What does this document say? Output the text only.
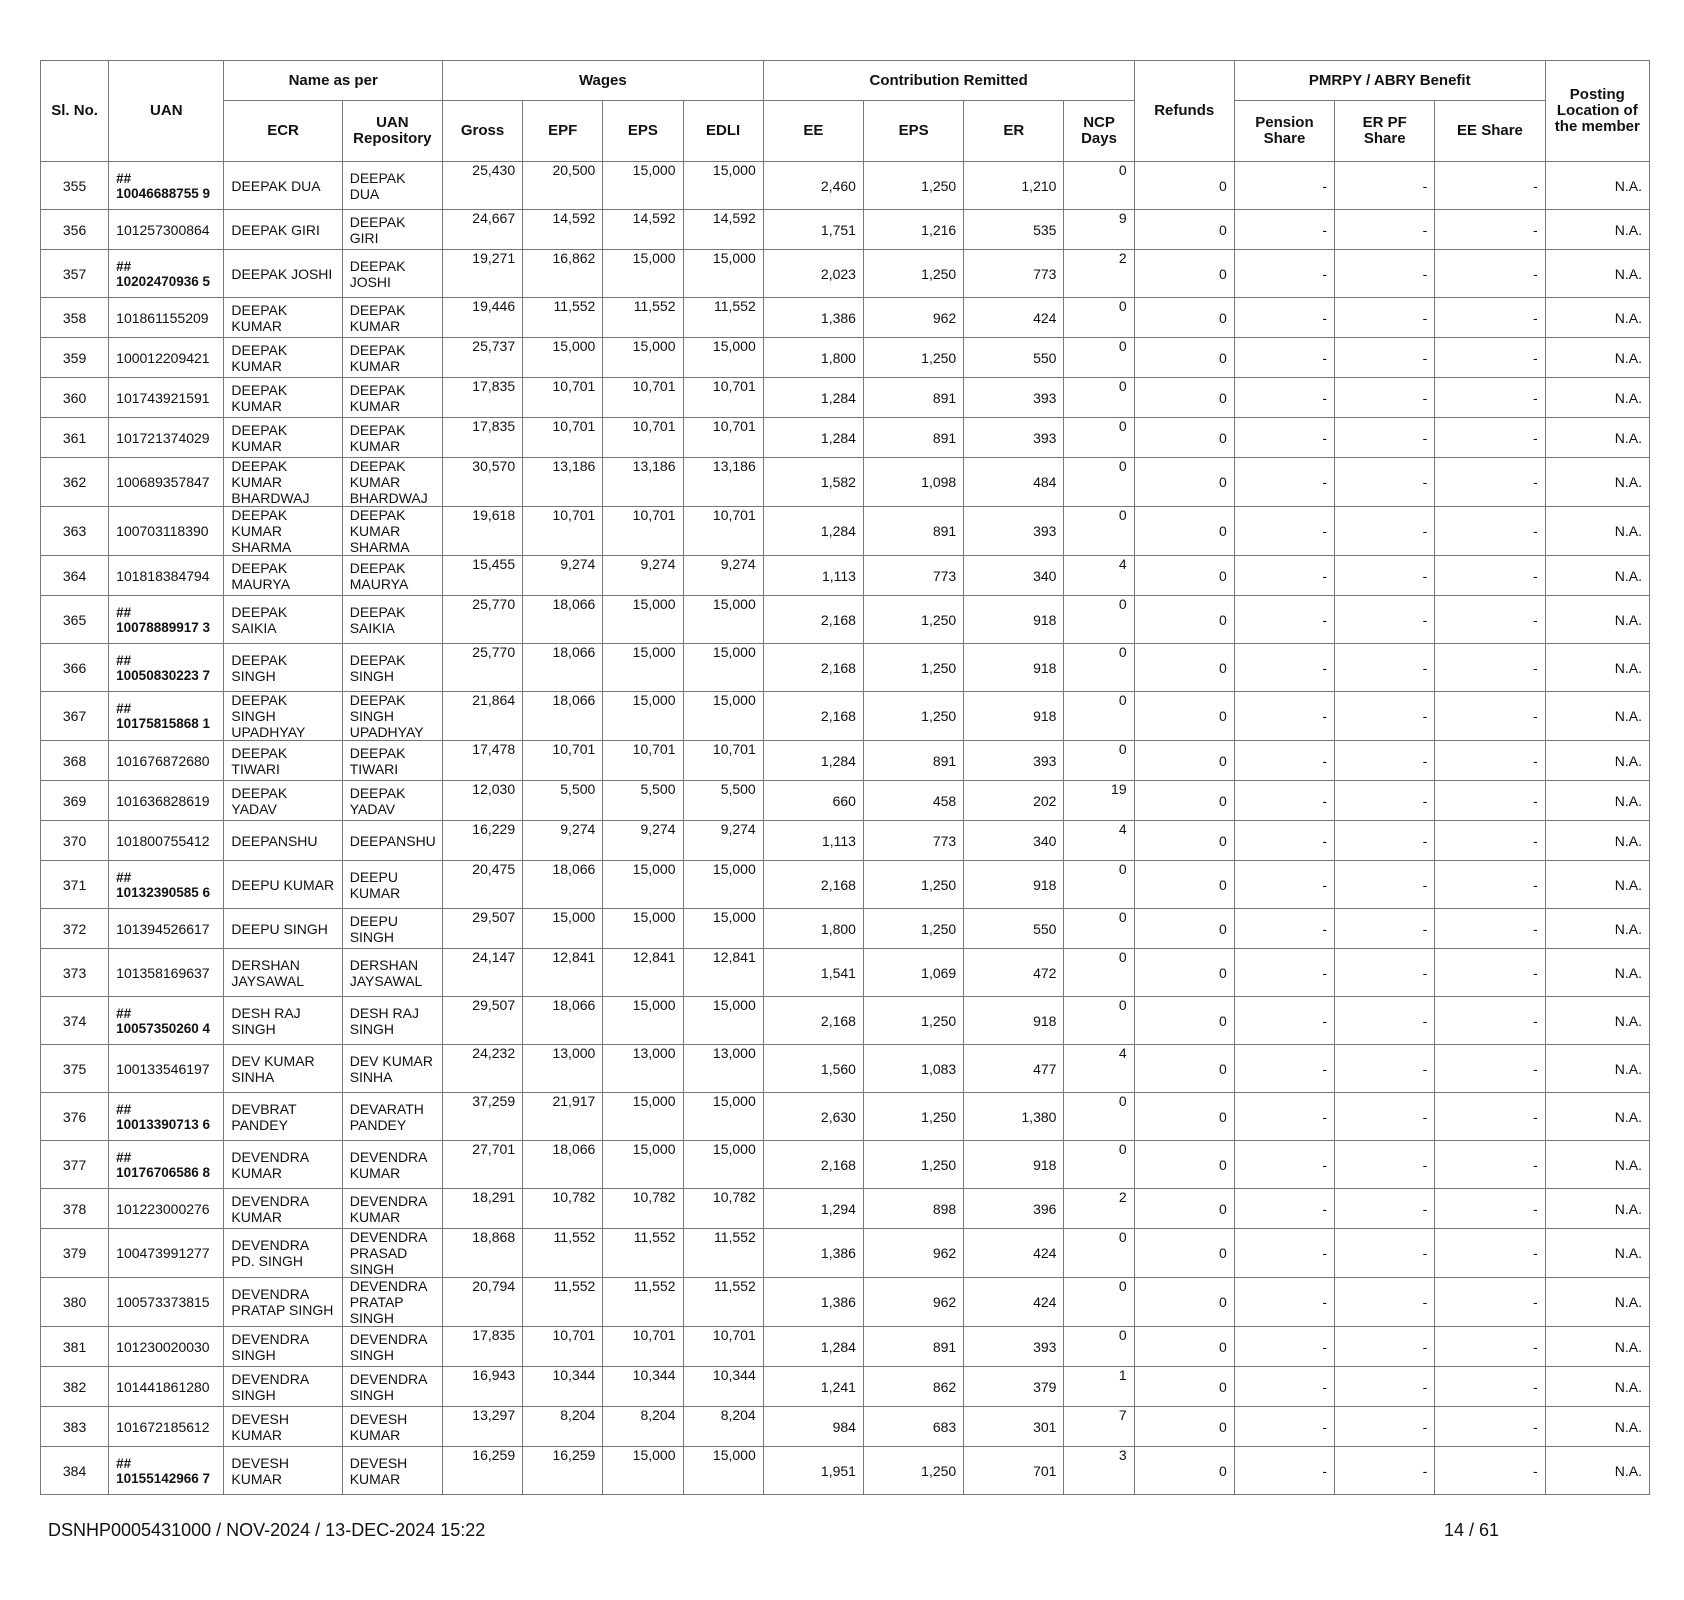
Sl. No.	UAN	Name as per		Wages				Contribution Remitted				Refunds	PMRPY / ABRY Benefit			Posting Location of the member
		ECR	UAN Repository	Gross	EPF	EPS	EDLI	EE	EPS	ER	NCP Days		Pension Share	ER PF Share	EE Share	
355	## 10046688755 9	DEEPAK DUA	DEEPAK DUA	25,430	20,500	15,000	15,000	2,460	1,250	1,210	0	0	-	-	-	N.A.
356	101257300864	DEEPAK GIRI	DEEPAK GIRI	24,667	14,592	14,592	14,592	1,751	1,216	535	9	0	-	-	-	N.A.
357	## 10202470936 5	DEEPAK JOSHI	DEEPAK JOSHI	19,271	16,862	15,000	15,000	2,023	1,250	773	2	0	-	-	-	N.A.
358	101861155209	DEEPAK KUMAR	DEEPAK KUMAR	19,446	11,552	11,552	11,552	1,386	962	424	0	0	-	-	-	N.A.
359	100012209421	DEEPAK KUMAR	DEEPAK KUMAR	25,737	15,000	15,000	15,000	1,800	1,250	550	0	0	-	-	-	N.A.
360	101743921591	DEEPAK KUMAR	DEEPAK KUMAR	17,835	10,701	10,701	10,701	1,284	891	393	0	0	-	-	-	N.A.
361	101721374029	DEEPAK KUMAR	DEEPAK KUMAR	17,835	10,701	10,701	10,701	1,284	891	393	0	0	-	-	-	N.A.
362	100689357847	DEEPAK KUMAR BHARDWAJ	DEEPAK KUMAR BHARDWAJ	30,570	13,186	13,186	13,186	1,582	1,098	484	0	0	-	-	-	N.A.
363	100703118390	DEEPAK KUMAR SHARMA	DEEPAK KUMAR SHARMA	19,618	10,701	10,701	10,701	1,284	891	393	0	0	-	-	-	N.A.
364	101818384794	DEEPAK MAURYA	DEEPAK MAURYA	15,455	9,274	9,274	9,274	1,113	773	340	4	0	-	-	-	N.A.
365	## 10078889917 3	DEEPAK SAIKIA	DEEPAK SAIKIA	25,770	18,066	15,000	15,000	2,168	1,250	918	0	0	-	-	-	N.A.
366	## 10050830223 7	DEEPAK SINGH	DEEPAK SINGH	25,770	18,066	15,000	15,000	2,168	1,250	918	0	0	-	-	-	N.A.
367	## 10175815868 1	DEEPAK SINGH UPADHYAY	DEEPAK SINGH UPADHYAY	21,864	18,066	15,000	15,000	2,168	1,250	918	0	0	-	-	-	N.A.
368	101676872680	DEEPAK TIWARI	DEEPAK TIWARI	17,478	10,701	10,701	10,701	1,284	891	393	0	0	-	-	-	N.A.
369	101636828619	DEEPAK YADAV	DEEPAK YADAV	12,030	5,500	5,500	5,500	660	458	202	19	0	-	-	-	N.A.
370	101800755412	DEEPANSHU	DEEPANSHU	16,229	9,274	9,274	9,274	1,113	773	340	4	0	-	-	-	N.A.
371	## 10132390585 6	DEEPU KUMAR	DEEPU KUMAR	20,475	18,066	15,000	15,000	2,168	1,250	918	0	0	-	-	-	N.A.
372	101394526617	DEEPU SINGH	DEEPU SINGH	29,507	15,000	15,000	15,000	1,800	1,250	550	0	0	-	-	-	N.A.
373	101358169637	DERSHAN JAYSAWAL	DERSHAN JAYSAWAL	24,147	12,841	12,841	12,841	1,541	1,069	472	0	0	-	-	-	N.A.
374	## 10057350260 4	DESH RAJ SINGH	DESH RAJ SINGH	29,507	18,066	15,000	15,000	2,168	1,250	918	0	0	-	-	-	N.A.
375	100133546197	DEV KUMAR SINHA	DEV KUMAR SINHA	24,232	13,000	13,000	13,000	1,560	1,083	477	4	0	-	-	-	N.A.
376	## 10013390713 6	DEVBRAT PANDEY	DEVARATH PANDEY	37,259	21,917	15,000	15,000	2,630	1,250	1,380	0	0	-	-	-	N.A.
377	## 10176706586 8	DEVENDRA KUMAR	DEVENDRA KUMAR	27,701	18,066	15,000	15,000	2,168	1,250	918	0	0	-	-	-	N.A.
378	101223000276	DEVENDRA KUMAR	DEVENDRA KUMAR	18,291	10,782	10,782	10,782	1,294	898	396	2	0	-	-	-	N.A.
379	100473991277	DEVENDRA PD. SINGH	DEVENDRA PRASAD SINGH	18,868	11,552	11,552	11,552	1,386	962	424	0	0	-	-	-	N.A.
380	100573373815	DEVENDRA PRATAP SINGH	DEVENDRA PRATAP SINGH	20,794	11,552	11,552	11,552	1,386	962	424	0	0	-	-	-	N.A.
381	101230020030	DEVENDRA SINGH	DEVENDRA SINGH	17,835	10,701	10,701	10,701	1,284	891	393	0	0	-	-	-	N.A.
382	101441861280	DEVENDRA SINGH	DEVENDRA SINGH	16,943	10,344	10,344	10,344	1,241	862	379	1	0	-	-	-	N.A.
383	101672185612	DEVESH KUMAR	DEVESH KUMAR	13,297	8,204	8,204	8,204	984	683	301	7	0	-	-	-	N.A.
384	## 10155142966 7	DEVESH KUMAR	DEVESH KUMAR	16,259	16,259	15,000	15,000	1,951	1,250	701	3	0	-	-	-	N.A.
DSNHP0005431000 / NOV-2024 / 13-DEC-2024 15:22	14 / 61
